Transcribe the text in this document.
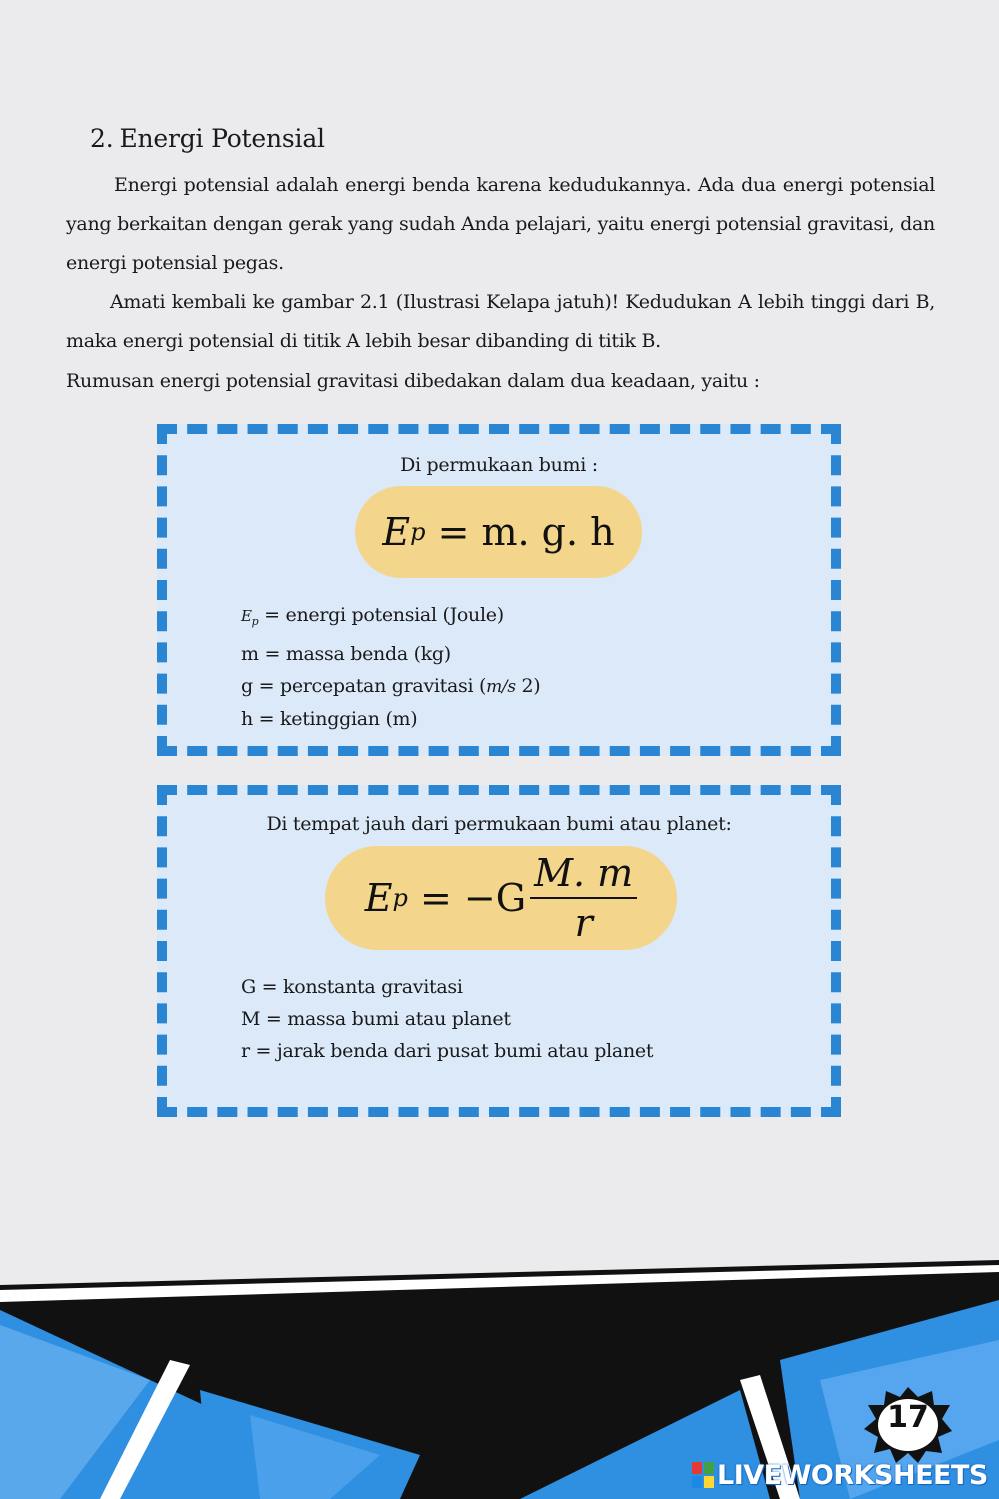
2. Energi Potensial
Energi potensial adalah energi benda karena kedudukannya. Ada dua energi potensial yang berkaitan dengan gerak yang sudah Anda pelajari, yaitu energi potensial gravitasi, dan energi potensial pegas.
Amati kembali ke gambar 2.1 (Ilustrasi Kelapa jatuh)! Kedudukan A lebih tinggi dari B, maka energi potensial di titik A lebih besar dibanding di titik B.
Rumusan energi potensial gravitasi dibedakan dalam dua keadaan, yaitu :
Di permukaan bumi :
E p
= m. g. h
$E_p$ = energi potensial (Joule)
m = massa benda (kg)
g = percepatan gravitasi (m/s 2)
h = ketinggian (m)
Di tempat jauh dari permukaan bumi atau planet:
E p
= $-G \frac{M. m}{r}$
G = konstanta gravitasi
M = massa bumi atau planet
r = jarak benda dari pusat bumi atau planet
17
LIVEWORKSHEETS
